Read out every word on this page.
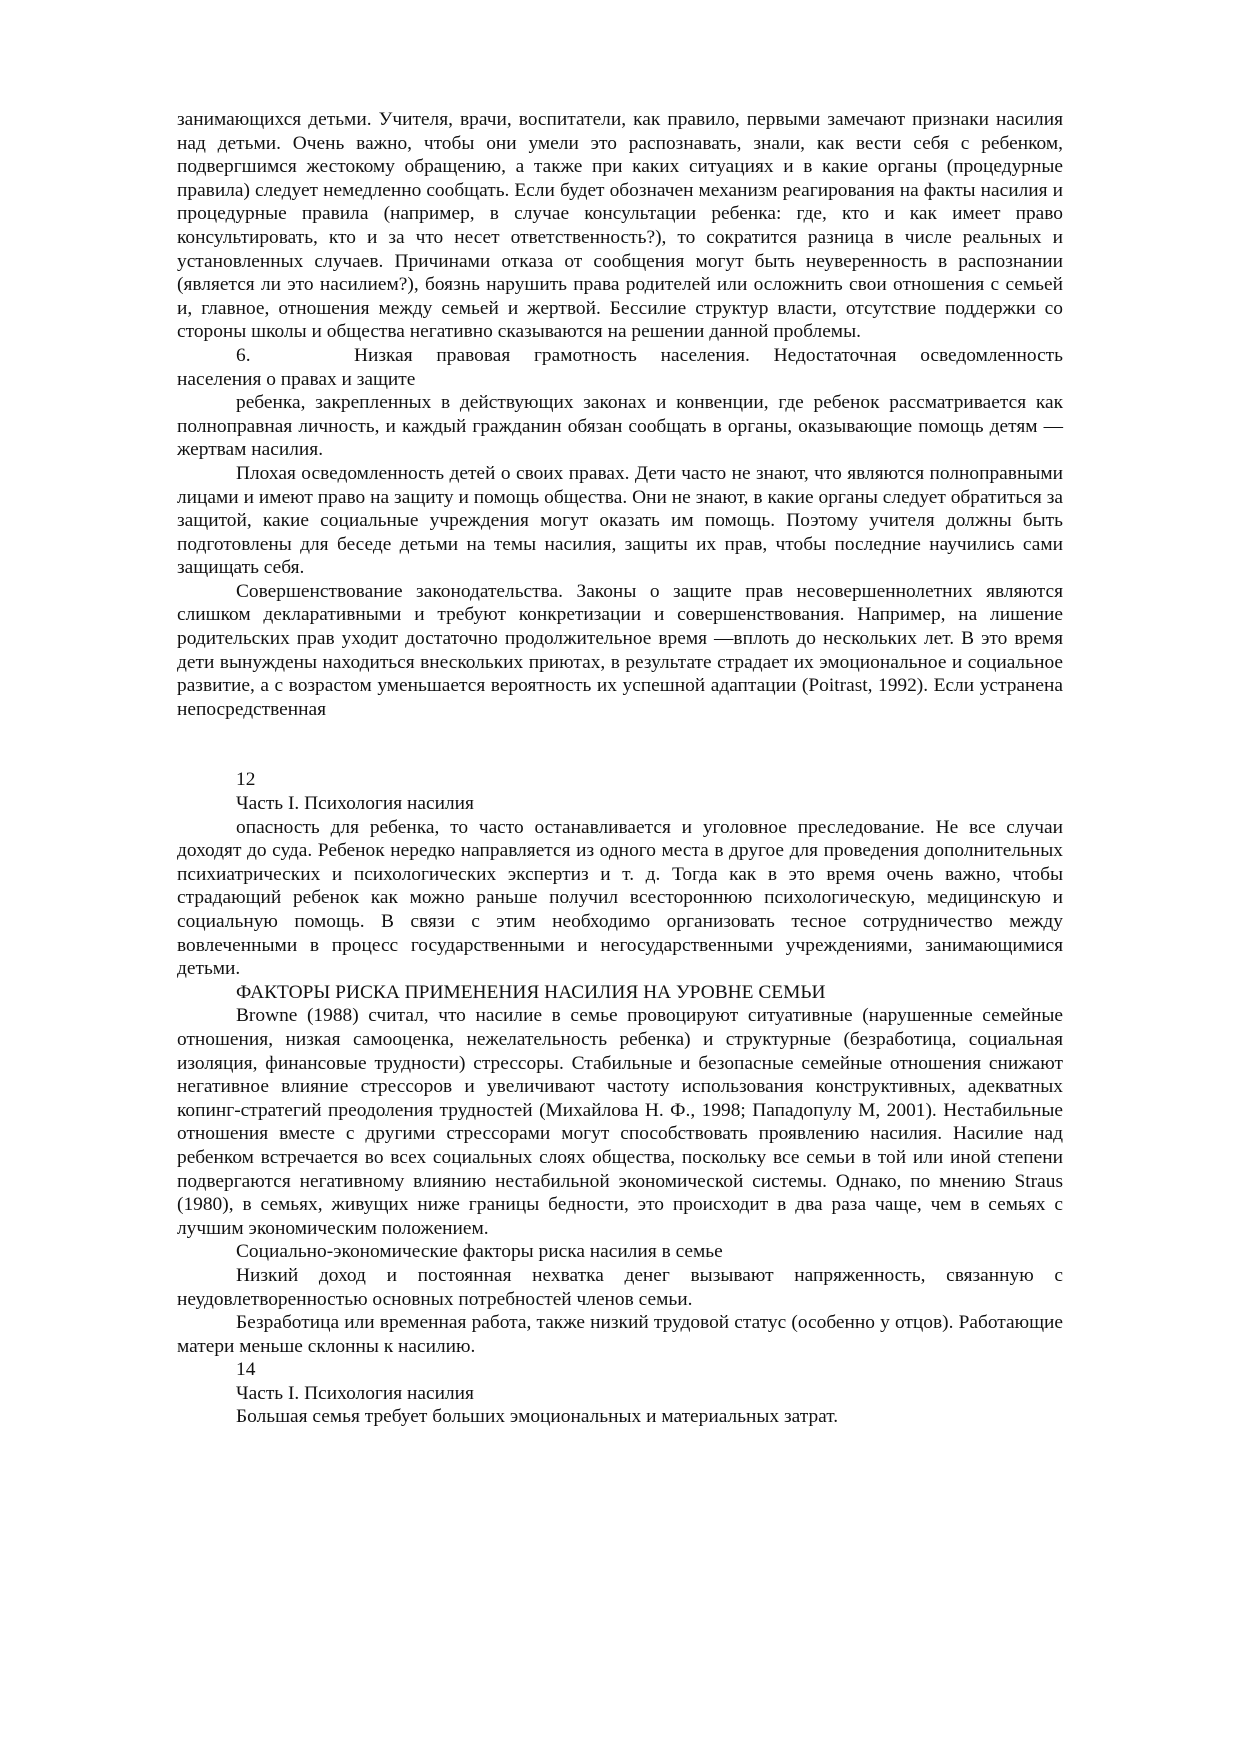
занимающихся детьми. Учителя, врачи, воспитатели, как правило, первыми замечают признаки насилия над детьми. Очень важно, чтобы они умели это распознавать, знали, как вести себя с ребенком, подвергшимся жестокому обращению, а также при каких ситуациях и в какие органы (процедурные правила) следует немедленно сообщать. Если будет обозначен механизм реагирования на факты насилия и процедурные правила (например, в случае консультации ребенка: где, кто и как имеет право консультировать, кто и за что несет ответственность?), то сократится разница в числе реальных и установленных случаев. Причинами отказа от сообщения могут быть неуверенность в распознании (является ли это насилием?), боязнь нарушить права родителей или осложнить свои отношения с семьей и, главное, отношения между семьей и жертвой. Бессилие структур власти, отсутствие поддержки со стороны школы и общества негативно сказываются на решении данной проблемы.

6.	Низкая правовая грамотность населения. Недостаточная осведомленность

населения о правах и защите

ребенка, закрепленных в действующих законах и конвенции, где ребенок рассматривается как полноправная личность, и каждый гражданин обязан сообщать в органы, оказывающие помощь детям — жертвам насилия.

Плохая осведомленность детей о своих правах. Дети часто не знают, что являются полноправными лицами и имеют право на защиту и помощь общества. Они не знают, в какие органы следует обратиться за защитой, какие социальные учреждения могут оказать им помощь. Поэтому учителя должны быть подготовлены для беседе детьми на темы насилия, защиты их прав, чтобы последние научились сами защищать себя.

Совершенствование законодательства. Законы о защите прав несовершеннолетних являются слишком декларативными и требуют конкретизации и совершенствования. Например, на лишение родительских прав уходит достаточно продолжительное время —вплоть до нескольких лет. В это время дети вынуждены находиться внескольких приютах, в результате страдает их эмоциональное и социальное развитие, а с возрастом уменьшается вероятность их успешной адаптации (Poitrast, 1992). Если устранена непосредственная

12
Часть I. Психология насилия

опасность для ребенка, то часто останавливается и уголовное преследование. Не все случаи доходят до суда. Ребенок нередко направляется из одного места в другое для проведения дополнительных психиатрических и психологических экспертиз и т. д. Тогда как в это время очень важно, чтобы страдающий ребенок как можно раньше получил всестороннюю психологическую, медицинскую и социальную помощь. В связи с этим необходимо организовать тесное сотрудничество между вовлеченными в процесс государственными и негосударственными учреждениями, занимающимися детьми.

ФАКТОРЫ РИСКА ПРИМЕНЕНИЯ НАСИЛИЯ НА УРОВНЕ СЕМЬИ

Browne (1988) считал, что насилие в семье провоцируют ситуативные (нарушенные семейные отношения, низкая самооценка, нежелательность ребенка) и структурные (безработица, социальная изоляция, финансовые трудности) стрессоры. Стабильные и безопасные семейные отношения снижают негативное влияние стрессоров и увеличивают частоту использования конструктивных, адекватных копинг-стратегий преодоления трудностей (Михайлова Н. Ф., 1998; Пападопулу М, 2001). Нестабильные отношения вместе с другими стрессорами могут способствовать проявлению насилия. Насилие над ребенком встречается во всех социальных слоях общества, поскольку все семьи в той или иной степени подвергаются негативному влиянию нестабильной экономической системы. Однако, по мнению Straus (1980), в семьях, живущих ниже границы бедности, это происходит в два раза чаще, чем в семьях с лучшим экономическим положением.

Социально-экономические факторы риска насилия в семье

Низкий доход и постоянная нехватка денег вызывают напряженность, связанную с неудовлетворенностью основных потребностей членов семьи.

Безработица или временная работа, также низкий трудовой статус (особенно у отцов). Работающие матери меньше склонны к насилию.

14
Часть I. Психология насилия

Большая семья требует больших эмоциональных и материальных затрат.
